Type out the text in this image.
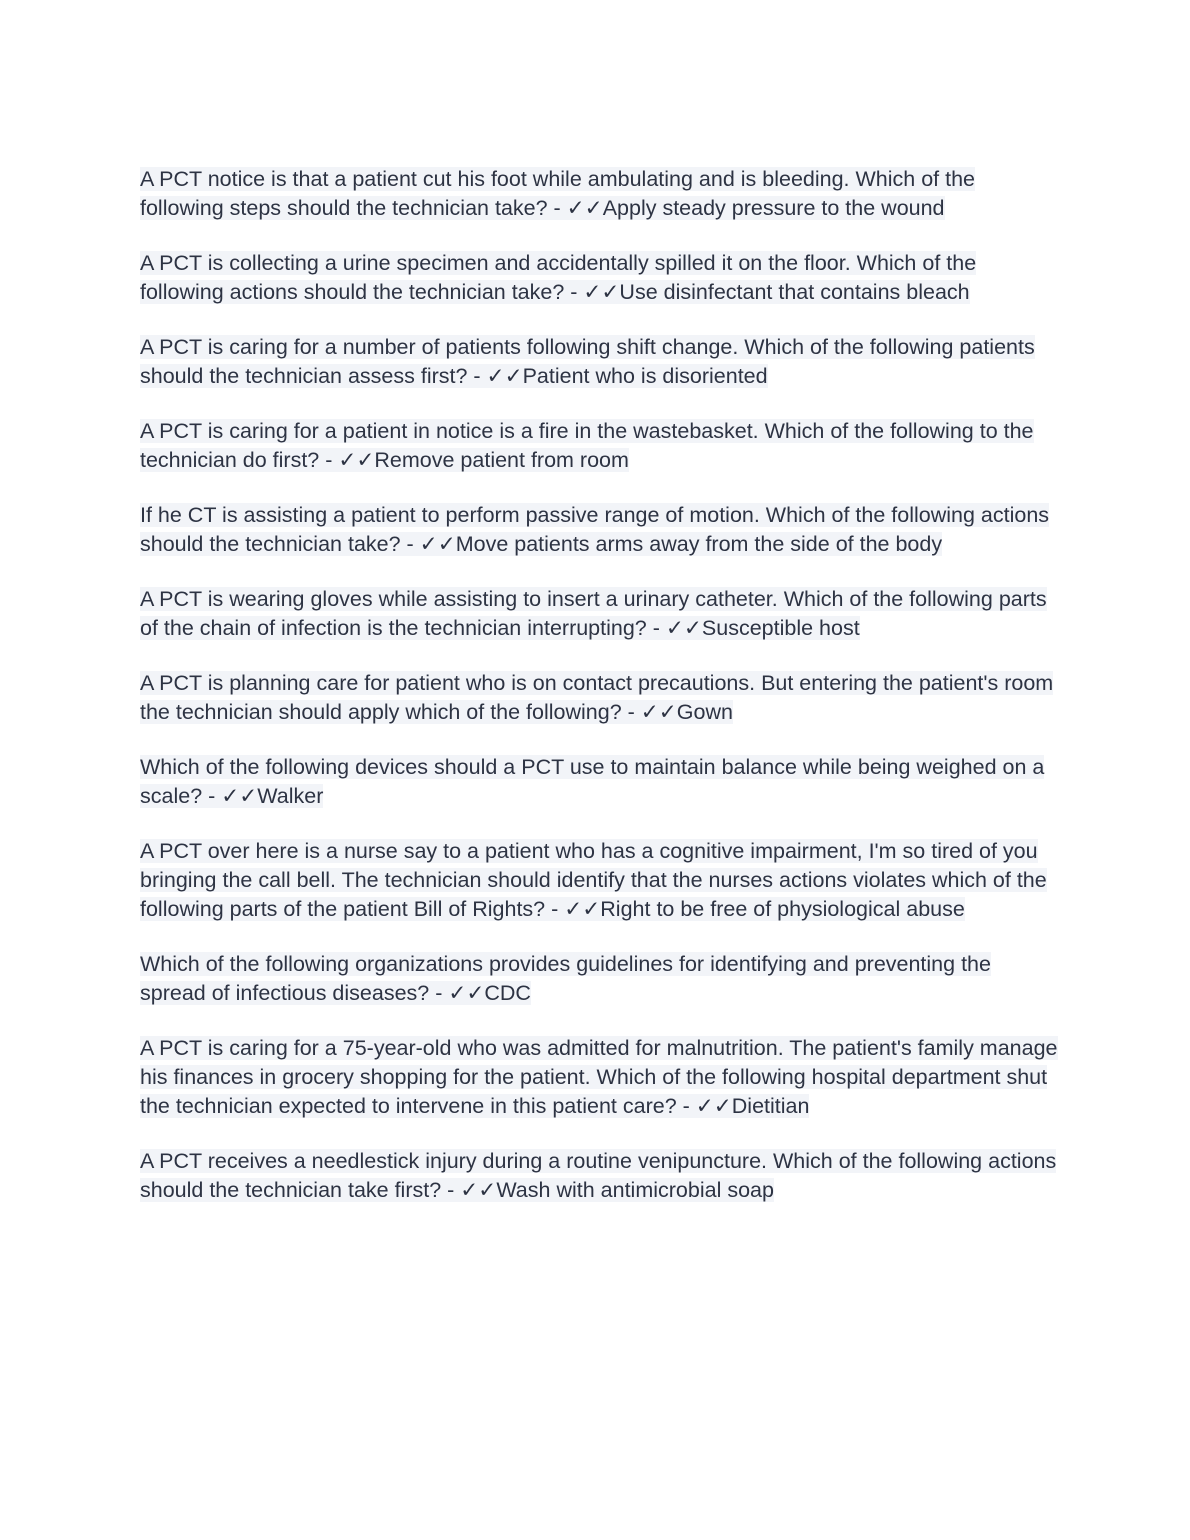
A PCT notice is that a patient cut his foot while ambulating and is bleeding. Which of the following steps should the technician take? - ✓✓Apply steady pressure to the wound

A PCT is collecting a urine specimen and accidentally spilled it on the floor. Which of the following actions should the technician take? - ✓✓Use disinfectant that contains bleach

A PCT is caring for a number of patients following shift change. Which of the following patients should the technician assess first? - ✓✓Patient who is disoriented

A PCT is caring for a patient in notice is a fire in the wastebasket. Which of the following to the technician do first? - ✓✓Remove patient from room

If he CT is assisting a patient to perform passive range of motion. Which of the following actions should the technician take? - ✓✓Move patients arms away from the side of the body

A PCT is wearing gloves while assisting to insert a urinary catheter. Which of the following parts of the chain of infection is the technician interrupting? - ✓✓Susceptible host

A PCT is planning care for patient who is on contact precautions. But entering the patient's room the technician should apply which of the following? - ✓✓Gown

Which of the following devices should a PCT use to maintain balance while being weighed on a scale? - ✓✓Walker

A PCT over here is a nurse say to a patient who has a cognitive impairment, I'm so tired of you bringing the call bell. The technician should identify that the nurses actions violates which of the following parts of the patient Bill of Rights? - ✓✓Right to be free of physiological abuse

Which of the following organizations provides guidelines for identifying and preventing the spread of infectious diseases? - ✓✓CDC

A PCT is caring for a 75-year-old who was admitted for malnutrition. The patient's family manage his finances in grocery shopping for the patient. Which of the following hospital department shut the technician expected to intervene in this patient care? - ✓✓Dietitian

A PCT receives a needlestick injury during a routine venipuncture. Which of the following actions should the technician take first? - ✓✓Wash with antimicrobial soap
